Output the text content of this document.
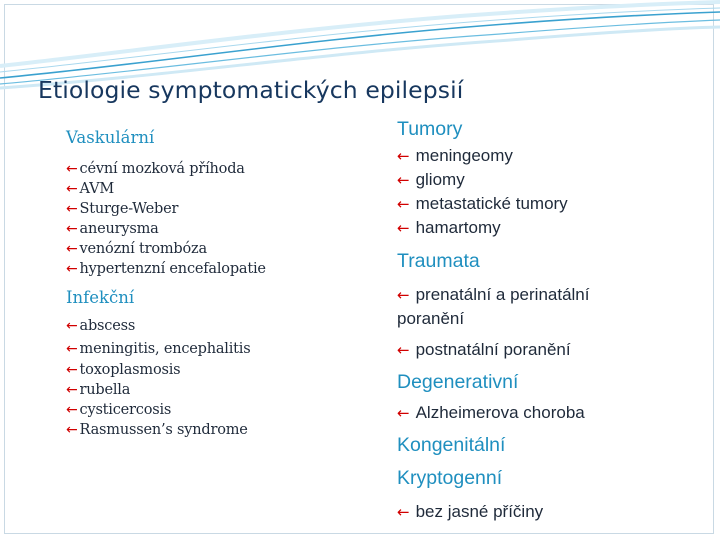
Etiologie symptomatických epilepsií
Vaskulární
← cévní mozková příhoda
← AVM
← Sturge-Weber
← aneurysma
← venózní trombóza
← hypertenzní encefalopatie
Infekční
← abscess
← meningitis, encephalitis
← toxoplasmosis
← rubella
← cysticercosis
← Rasmussen’s syndrome
Tumory
← meningeomy
← gliomy
← metastatické tumory
← hamartomy
Traumata
← prenatální a perinatální poranění
← postnatální poranění
Degenerativní
← Alzheimerova choroba
Kongenitální
Kryptogenní
← bez jasné příčiny
